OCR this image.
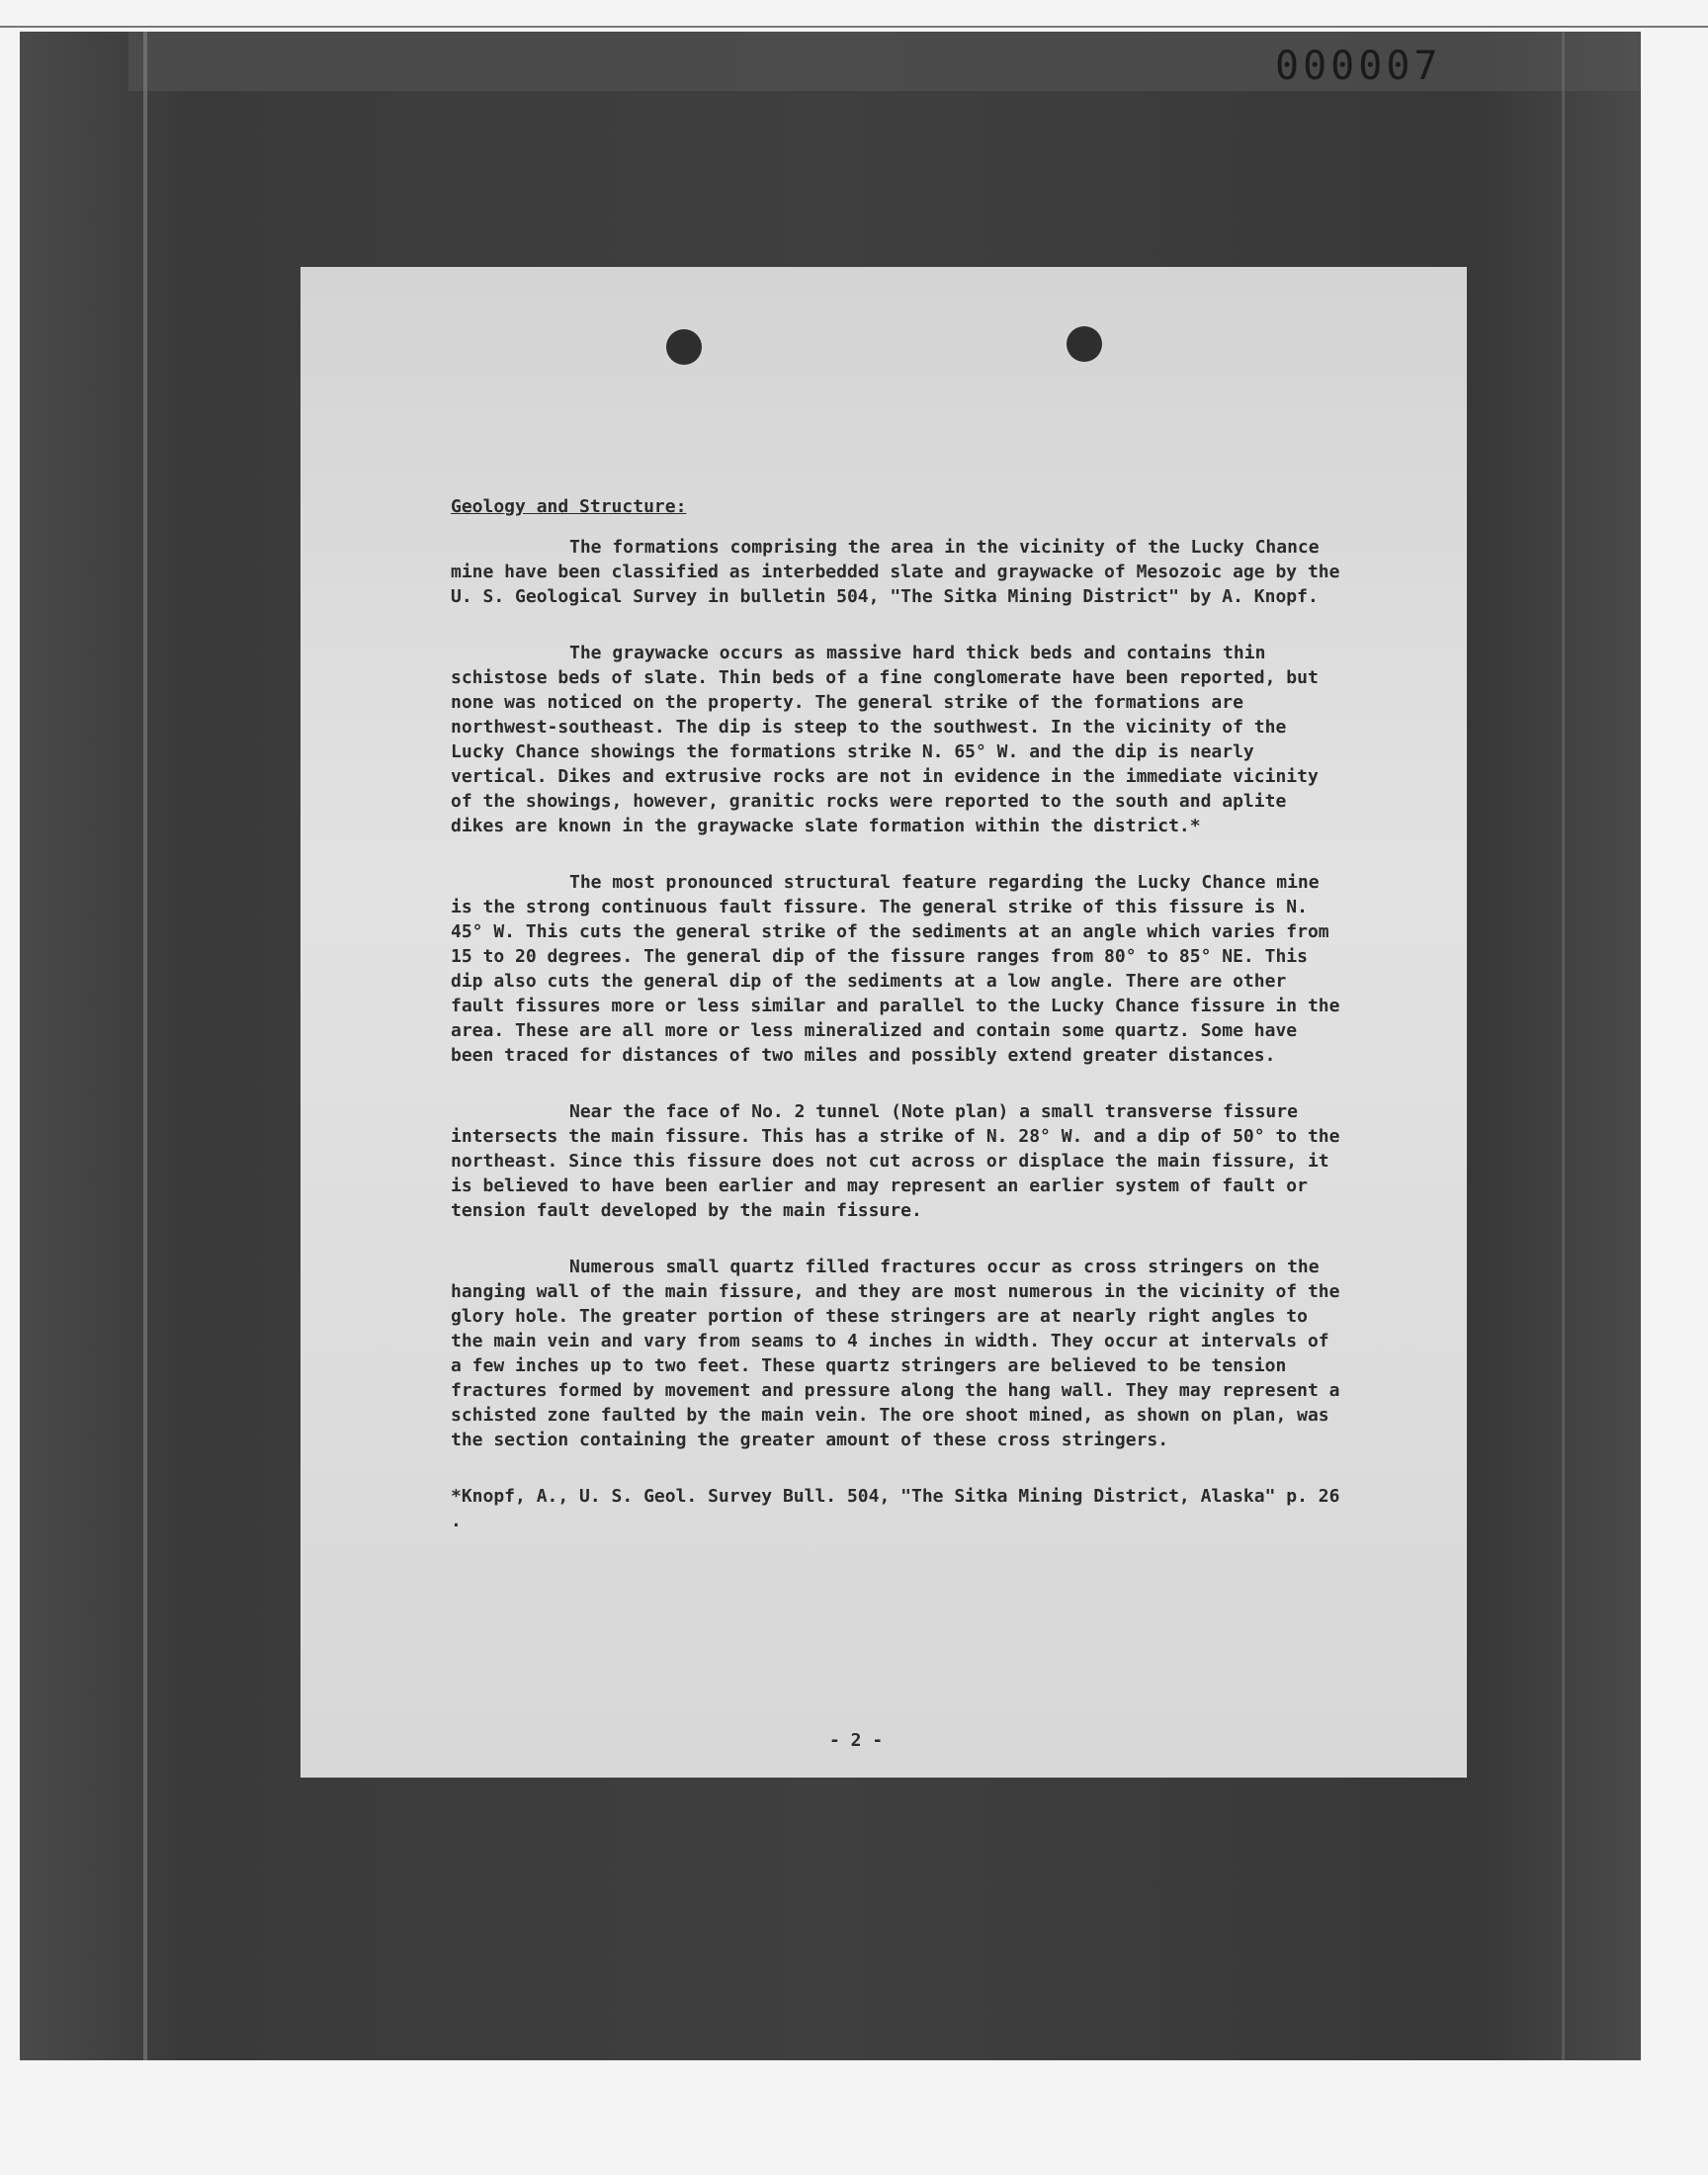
000007
Geology and Structure:

The formations comprising the area in the vicinity of the Lucky Chance mine have been classified as interbedded slate and graywacke of Mesozoic age by the U. S. Geological Survey in bulletin 504, "The Sitka Mining District" by A. Knopf.

The graywacke occurs as massive hard thick beds and contains thin schistose beds of slate. Thin beds of a fine conglomerate have been reported, but none was noticed on the property. The general strike of the formations are northwest-southeast. The dip is steep to the southwest. In the vicinity of the Lucky Chance showings the formations strike N. 65° W. and the dip is nearly vertical. Dikes and extrusive rocks are not in evidence in the immediate vicinity of the showings, however, granitic rocks were reported to the south and aplite dikes are known in the graywacke slate formation within the district.*

The most pronounced structural feature regarding the Lucky Chance mine is the strong continuous fault fissure. The general strike of this fissure is N. 45° W. This cuts the general strike of the sediments at an angle which varies from 15 to 20 degrees. The general dip of the fissure ranges from 80° to 85° NE. This dip also cuts the general dip of the sediments at a low angle. There are other fault fissures more or less similar and parallel to the Lucky Chance fissure in the area. These are all more or less mineralized and contain some quartz. Some have been traced for distances of two miles and possibly extend greater distances.

Near the face of No. 2 tunnel (Note plan) a small transverse fissure intersects the main fissure. This has a strike of N. 28° W. and a dip of 50° to the northeast. Since this fissure does not cut across or displace the main fissure, it is believed to have been earlier and may represent an earlier system of fault or tension fault developed by the main fissure.

Numerous small quartz filled fractures occur as cross stringers on the hanging wall of the main fissure, and they are most numerous in the vicinity of the glory hole. The greater portion of these stringers are at nearly right angles to the main vein and vary from seams to 4 inches in width. They occur at intervals of a few inches up to two feet. These quartz stringers are believed to be tension fractures formed by movement and pressure along the hang wall. They may represent a schisted zone faulted by the main vein. The ore shoot mined, as shown on plan, was the section containing the greater amount of these cross stringers.

*Knopf, A., U. S. Geol. Survey Bull. 504, "The Sitka Mining District, Alaska" p. 26 .
- 2 -
